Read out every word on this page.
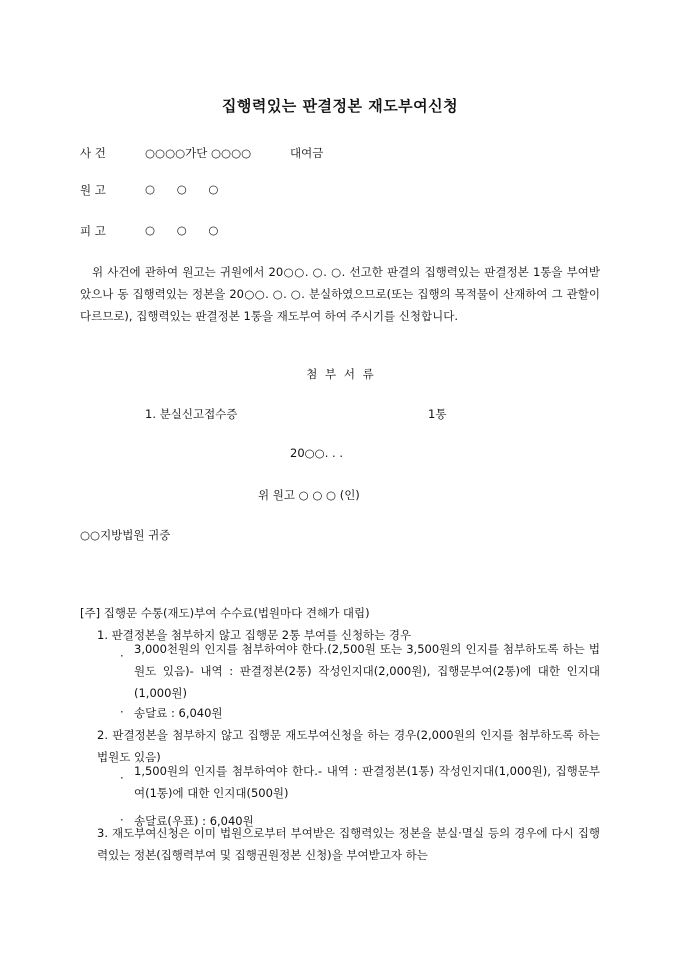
집행력있는 판결정본 재도부여신청
사 건	○○○○가단 ○○○○	대여금
원 고	○ ○ ○
피 고	○ ○ ○
위 사건에 관하여 원고는 귀원에서 20○○. ○. ○. 선고한 판결의 집행력있는 판결정본 1통을 부여받았으나 동 집행력있는 정본을 20○○. ○. ○. 분실하였으므로(또는 집행의 목적물이 산재하여 그 관할이 다르므로), 집행력있는 판결정본 1통을 재도부여 하여 주시기를 신청합니다.
첨 부 서 류
1. 분실신고접수증	1통
20○○. . .
위 원고 ○ ○ ○ (인)
○○지방법원 귀중
[주] 집행문 수통(재도)부여 수수료(법원마다 견해가 대립)
1. 판결정본을 첨부하지 않고 집행문 2통 부여를 신청하는 경우
· 3,000천원의 인지를 첨부하여야 한다.(2,500원 또는 3,500원의 인지를 첨부하도록 하는 법원도 있음)- 내역 : 판결정본(2통) 작성인지대(2,000원), 집행문부여(2통)에 대한 인지대(1,000원)
· 송달료 : 6,040원
2. 판결정본을 첨부하지 않고 집행문 재도부여신청을 하는 경우(2,000원의 인지를 첨부하도록 하는 법원도 있음)
· 1,500원의 인지를 첨부하여야 한다.- 내역 : 판결정본(1통) 작성인지대(1,000원), 집행문부여(1통)에 대한 인지대(500원)
· 송달료(우표) : 6,040원
3. 재도부여신청은 이미 법원으로부터 부여받은 집행력있는 정본을 분실·멸실 등의 경우에 다시 집행력있는 정본(집행력부여 및 집행권원정본 신청)을 부여받고자 하는
